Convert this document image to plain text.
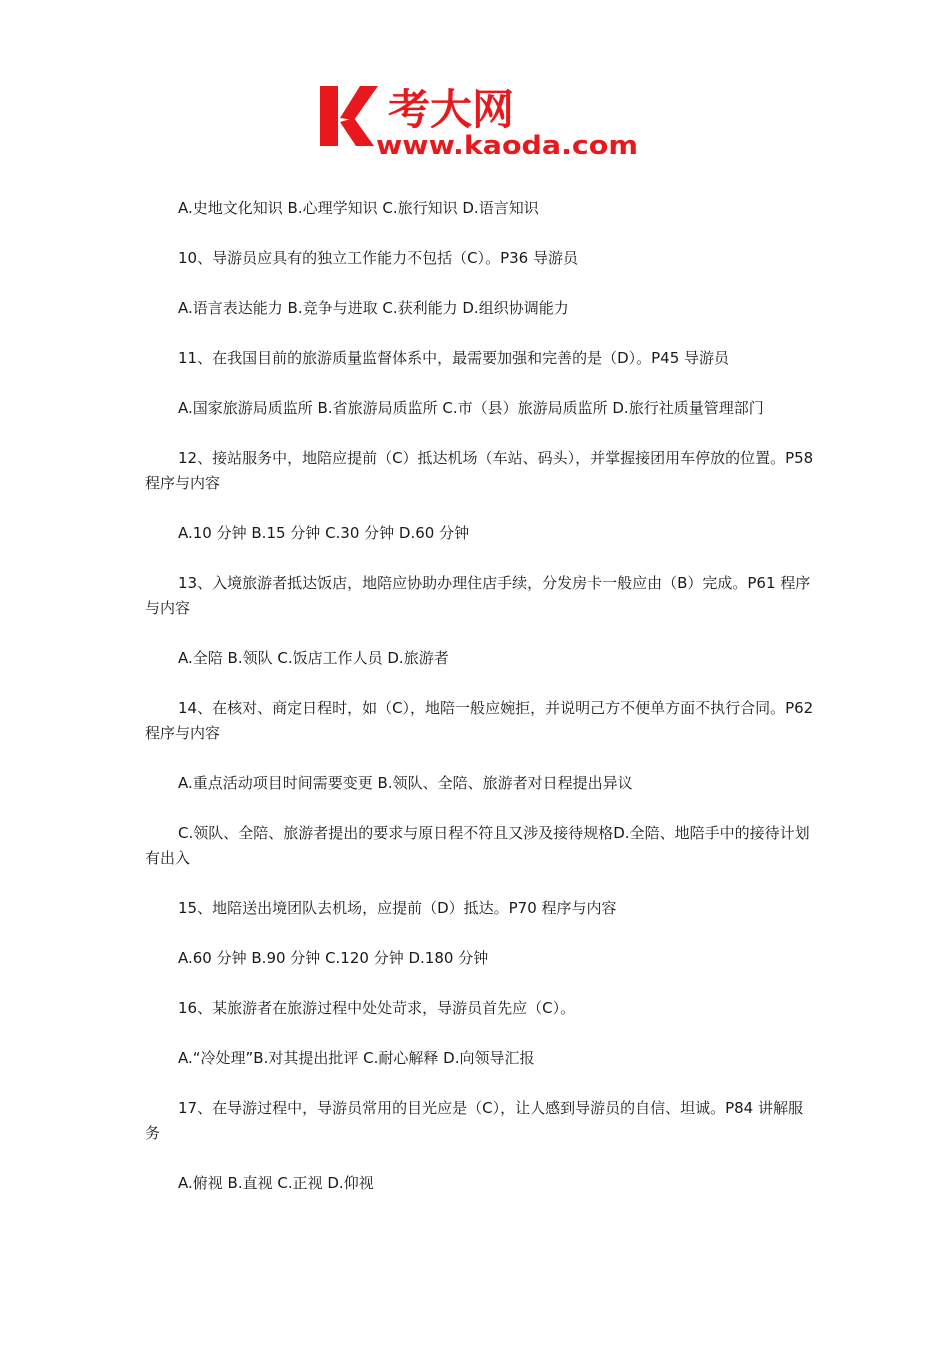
考大网
www.kaoda.com
A.史地文化知识 B.心理学知识 C.旅行知识 D.语言知识
10、导游员应具有的独立工作能力不包括（C）。P36 导游员
A.语言表达能力 B.竞争与进取 C.获利能力 D.组织协调能力
11、在我国目前的旅游质量监督体系中，最需要加强和完善的是（D）。P45 导游员
A.国家旅游局质监所 B.省旅游局质监所 C.市（县）旅游局质监所 D.旅行社质量管理部门
12、接站服务中，地陪应提前（C）抵达机场（车站、码头），并掌握接团用车停放的位置。P58 程序与内容
A.10 分钟 B.15 分钟 C.30 分钟 D.60 分钟
13、入境旅游者抵达饭店，地陪应协助办理住店手续，分发房卡一般应由（B）完成。P61 程序与内容
A.全陪 B.领队 C.饭店工作人员 D.旅游者
14、在核对、商定日程时，如（C），地陪一般应婉拒，并说明己方不便单方面不执行合同。P62 程序与内容
A.重点活动项目时间需要变更 B.领队、全陪、旅游者对日程提出异议
C.领队、全陪、旅游者提出的要求与原日程不符且又涉及接待规格D.全陪、地陪手中的接待计划有出入
15、地陪送出境团队去机场，应提前（D）抵达。P70 程序与内容
A.60 分钟 B.90 分钟 C.120 分钟 D.180 分钟
16、某旅游者在旅游过程中处处苛求，导游员首先应（C）。
A.“冷处理”B.对其提出批评 C.耐心解释 D.向领导汇报
17、在导游过程中，导游员常用的目光应是（C），让人感到导游员的自信、坦诚。P84 讲解服务
A.俯视 B.直视 C.正视 D.仰视
